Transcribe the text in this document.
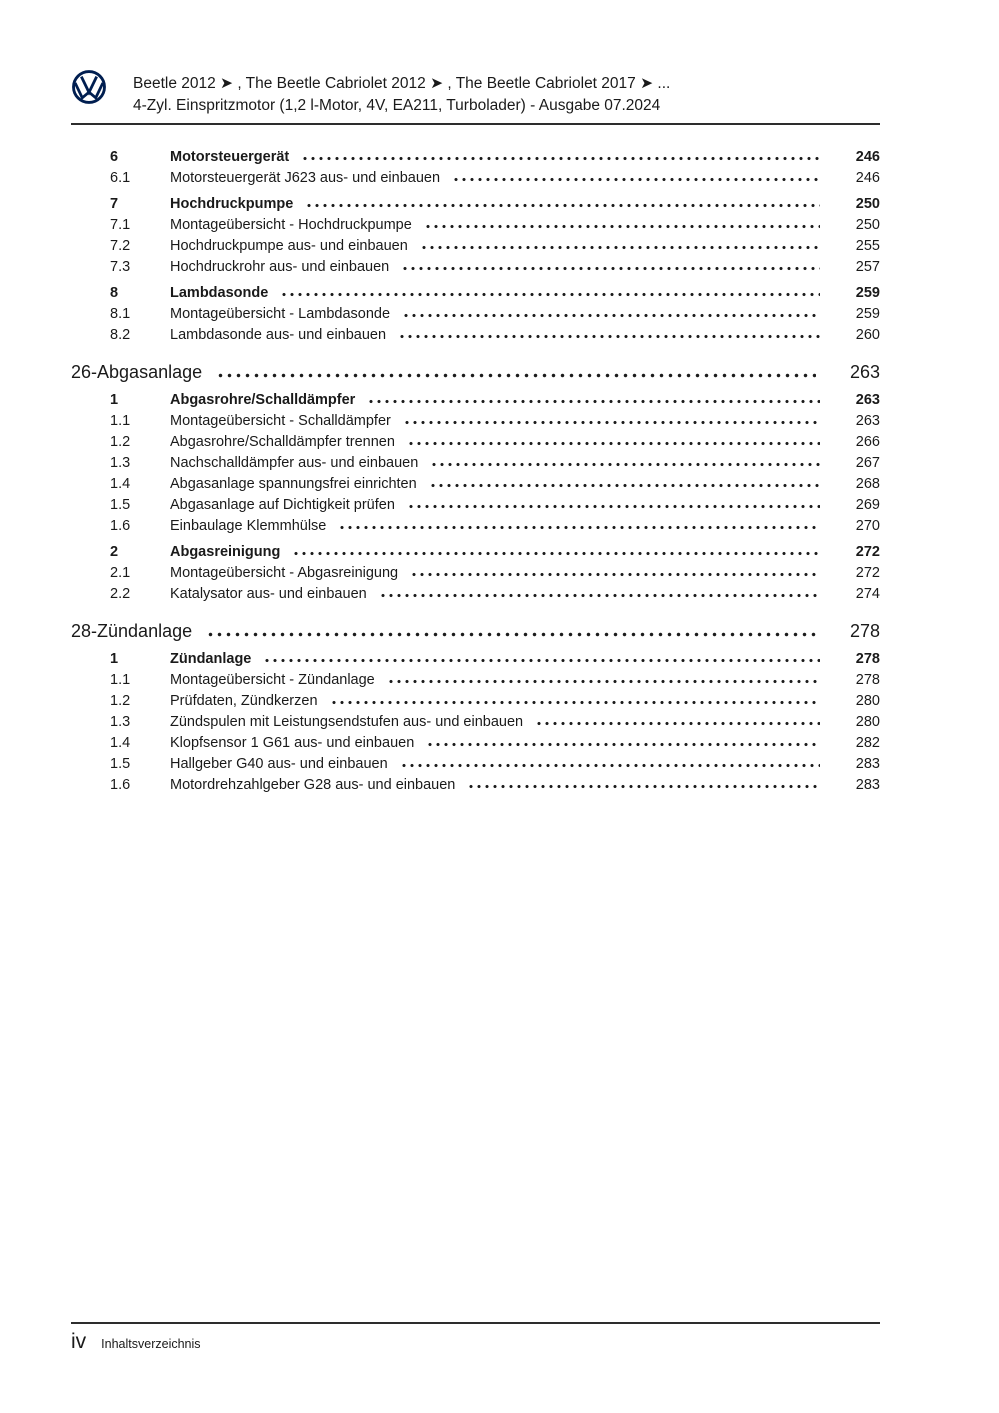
Beetle 2012 ➤ , The Beetle Cabriolet 2012 ➤ , The Beetle Cabriolet 2017 ➤ ...
4-Zyl. Einspritzmotor (1,2 l-Motor, 4V, EA211, Turbolader) - Ausgabe 07.2024
6	Motorsteuergerät	246
6.1	Motorsteuergerät J623 aus- und einbauen	246
7	Hochdruckpumpe	250
7.1	Montageübersicht - Hochdruckpumpe	250
7.2	Hochdruckpumpe aus- und einbauen	255
7.3	Hochdruckrohr aus- und einbauen	257
8	Lambdasonde	259
8.1	Montageübersicht - Lambdasonde	259
8.2	Lambdasonde aus- und einbauen	260
26 - Abgasanlage	263
1	Abgasrohre/Schalldämpfer	263
1.1	Montageübersicht - Schalldämpfer	263
1.2	Abgasrohre/Schalldämpfer trennen	266
1.3	Nachschalldämpfer aus- und einbauen	267
1.4	Abgasanlage spannungsfrei einrichten	268
1.5	Abgasanlage auf Dichtigkeit prüfen	269
1.6	Einbaulage Klemmhülse	270
2	Abgasreinigung	272
2.1	Montageübersicht - Abgasreinigung	272
2.2	Katalysator aus- und einbauen	274
28 - Zündanlage	278
1	Zündanlage	278
1.1	Montageübersicht - Zündanlage	278
1.2	Prüfdaten, Zündkerzen	280
1.3	Zündspulen mit Leistungsendstufen aus- und einbauen	280
1.4	Klopfsensor 1 G61 aus- und einbauen	282
1.5	Hallgeber G40 aus- und einbauen	283
1.6	Motordrehzahlgeber G28 aus- und einbauen	283
iv Inhaltsverzeichnis
